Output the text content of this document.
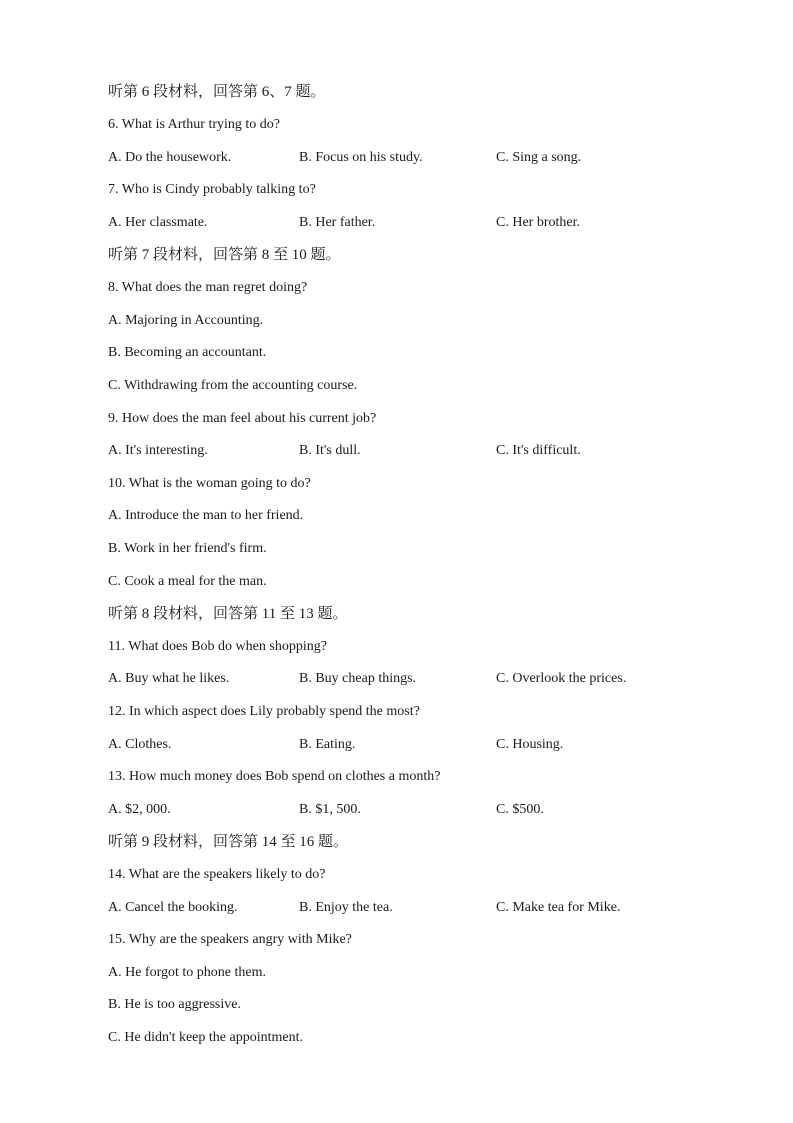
听第 6 段材料，回答第 6、7 题。
6. What is Arthur trying to do?
A. Do the housework.	B. Focus on his study.	C. Sing a song.
7. Who is Cindy probably talking to?
A. Her classmate.	B. Her father.	C. Her brother.
听第 7 段材料，回答第 8 至 10 题。
8. What does the man regret doing?
A. Majoring in Accounting.
B. Becoming an accountant.
C. Withdrawing from the accounting course.
9. How does the man feel about his current job?
A. It's interesting.	B. It's dull.	C. It's difficult.
10. What is the woman going to do?
A. Introduce the man to her friend.
B. Work in her friend's firm.
C. Cook a meal for the man.
听第 8 段材料，回答第 11 至 13 题。
11. What does Bob do when shopping?
A. Buy what he likes.	B. Buy cheap things.	C. Overlook the prices.
12. In which aspect does Lily probably spend the most?
A. Clothes.	B. Eating.	C. Housing.
13. How much money does Bob spend on clothes a month?
A. $2, 000.	B. $1, 500.	C. $500.
听第 9 段材料，回答第 14 至 16 题。
14. What are the speakers likely to do?
A. Cancel the booking.	B. Enjoy the tea.	C. Make tea for Mike.
15. Why are the speakers angry with Mike?
A. He forgot to phone them.
B. He is too aggressive.
C. He didn't keep the appointment.
